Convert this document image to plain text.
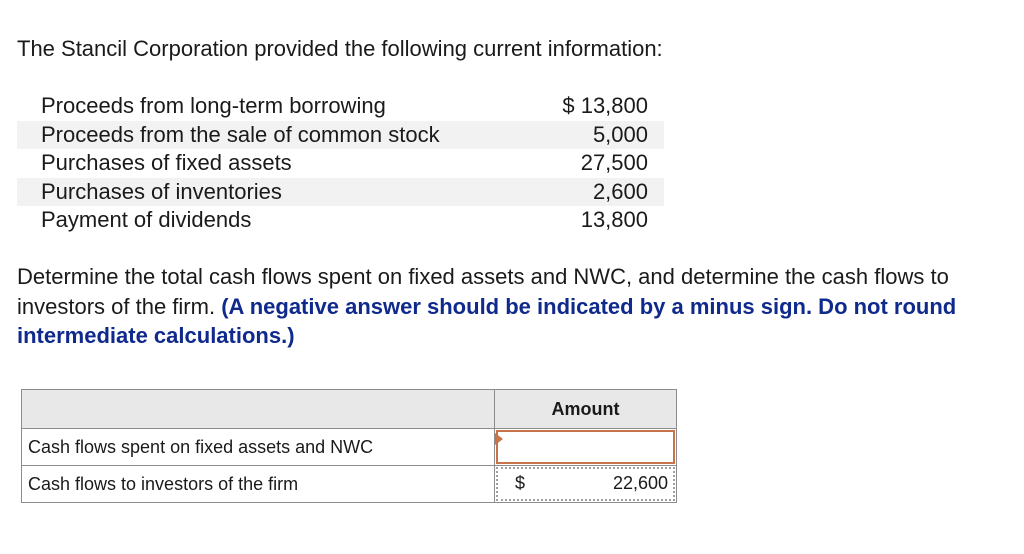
The Stancil Corporation provided the following current information:

Proceeds from long-term borrowing	$ 13,800
Proceeds from the sale of common stock	5,000
Purchases of fixed assets	27,500
Purchases of inventories	2,600
Payment of dividends	13,800

Determine the total cash flows spent on fixed assets and NWC, and determine the cash flows to investors of the firm. (A negative answer should be indicated by a minus sign. Do not round intermediate calculations.)

	Amount
Cash flows spent on fixed assets and NWC	

Cash flows to investors of the firm	$ 22,600
